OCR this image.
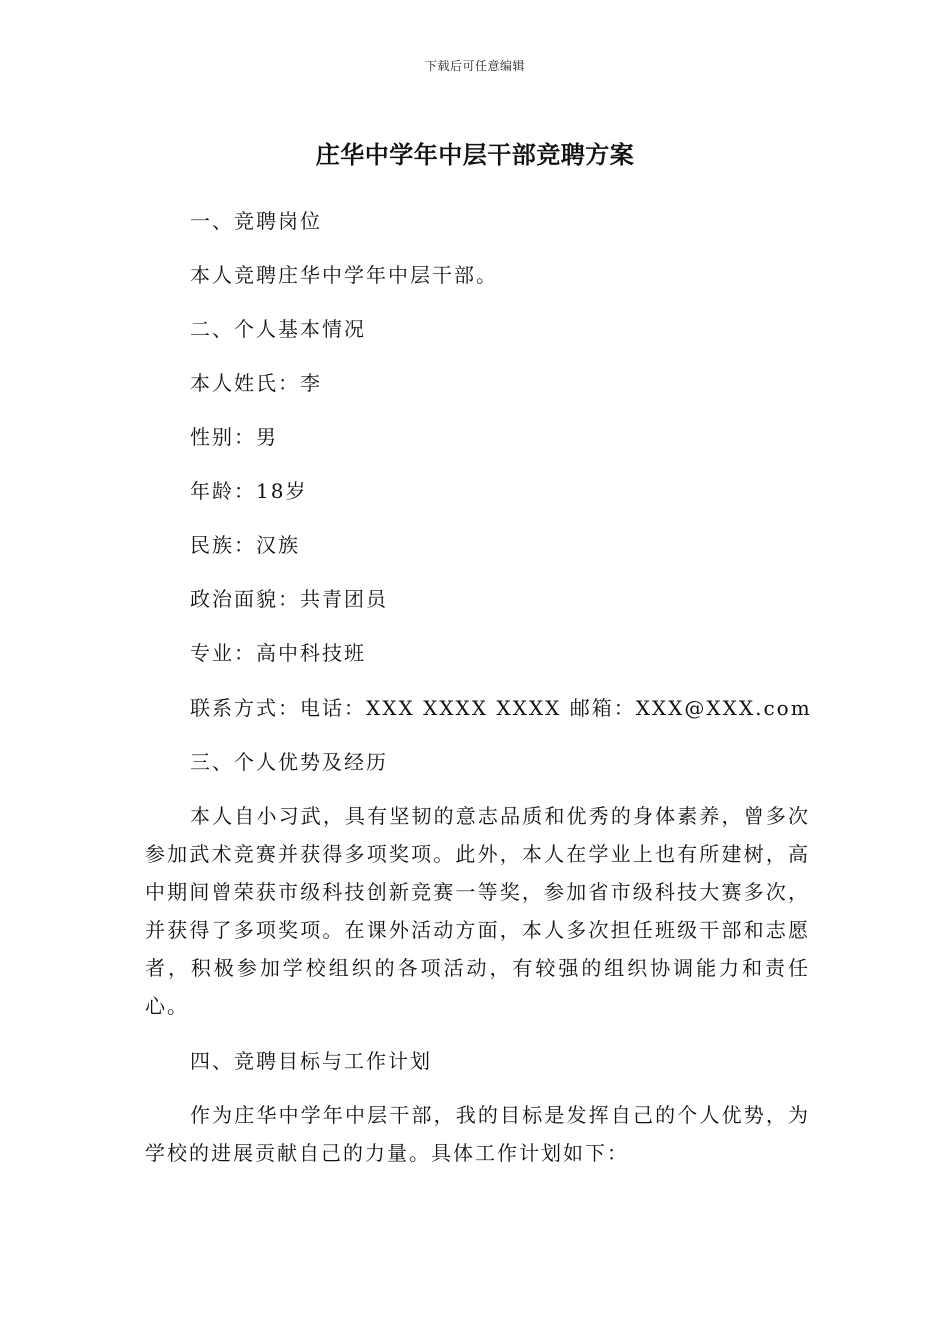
下载后可任意编辑
庄华中学年中层干部竞聘方案
一、竞聘岗位
本人竞聘庄华中学年中层干部。
二、个人基本情况
本人姓氏：李
性别：男
年龄：18岁
民族：汉族
政治面貌：共青团员
专业：高中科技班
联系方式：电话：XXX XXXX XXXX 邮箱：XXX@XXX.com
三、个人优势及经历
本人自小习武，具有坚韧的意志品质和优秀的身体素养，曾多次参加武术竞赛并获得多项奖项。此外，本人在学业上也有所建树，高中期间曾荣获市级科技创新竞赛一等奖，参加省市级科技大赛多次，并获得了多项奖项。在课外活动方面，本人多次担任班级干部和志愿者，积极参加学校组织的各项活动，有较强的组织协调能力和责任心。
四、竞聘目标与工作计划
作为庄华中学年中层干部，我的目标是发挥自己的个人优势，为学校的进展贡献自己的力量。具体工作计划如下：
